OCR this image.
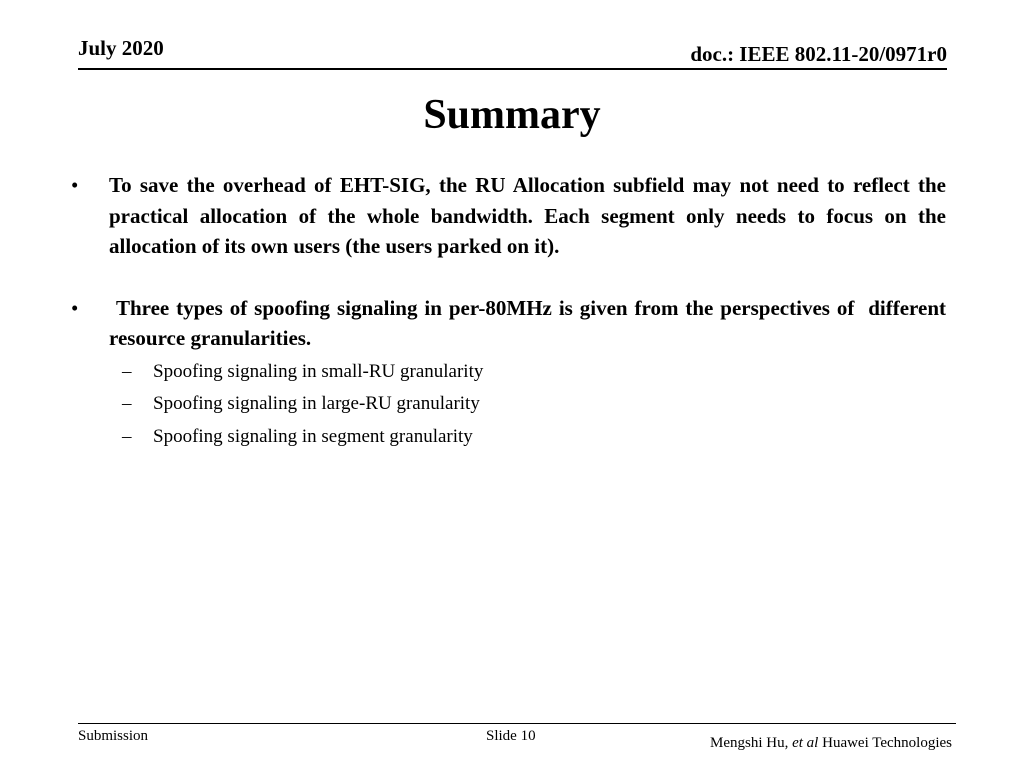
July 2020	doc.: IEEE 802.11-20/0971r0
Summary
• To save the overhead of EHT-SIG, the RU Allocation subfield may not need to reflect the practical allocation of the whole bandwidth. Each segment only needs to focus on the allocation of its own users (the users parked on it).
• Three types of spoofing signaling in per-80MHz is given from the perspectives of  different resource granularities.
– Spoofing signaling in small-RU granularity
– Spoofing signaling in large-RU granularity
– Spoofing signaling in segment granularity
Submission	Slide 10	Mengshi Hu, et al Huawei Technologies
